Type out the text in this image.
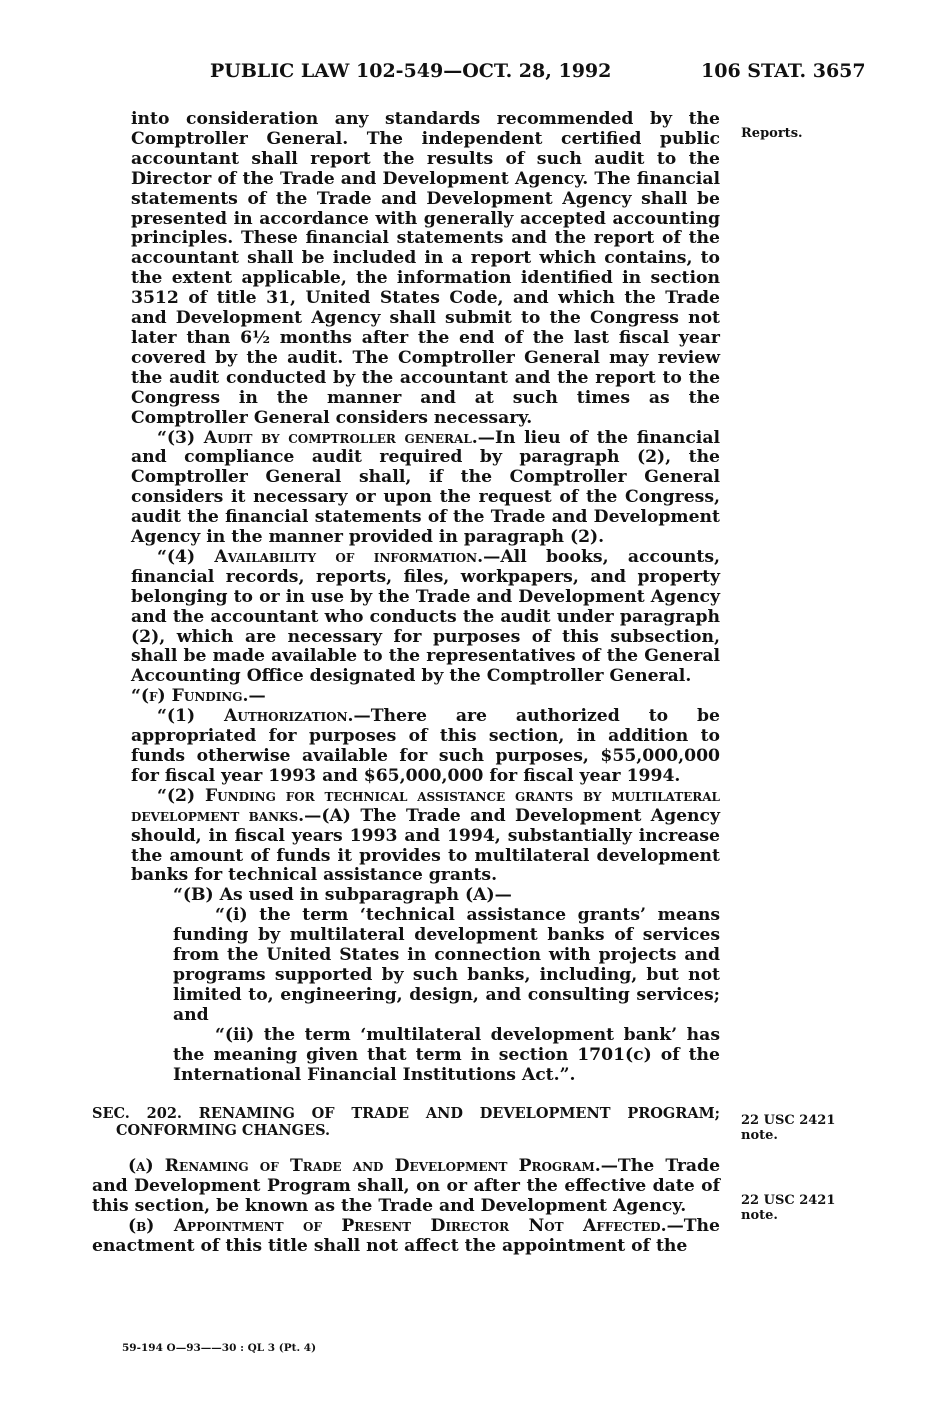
PUBLIC LAW 102-549—OCT. 28, 1992	106 STAT. 3657
Reports.
22 USC 2421
note.
22 USC 2421
note.

into consideration any standards recommended by the Comptroller General. The independent certified public accountant shall report the results of such audit to the Director of the Trade and Development Agency. The financial statements of the Trade and Development Agency shall be presented in accordance with generally accepted accounting principles. These financial statements and the report of the accountant shall be included in a report which contains, to the extent applicable, the information identified in section 3512 of title 31, United States Code, and which the Trade and Development Agency shall submit to the Congress not later than 6½ months after the end of the last fiscal year covered by the audit. The Comptroller General may review the audit conducted by the accountant and the report to the Congress in the manner and at such times as the Comptroller General considers necessary.

“(3) Audit by comptroller general.—In lieu of the financial and compliance audit required by paragraph (2), the Comptroller General shall, if the Comptroller General considers it necessary or upon the request of the Congress, audit the financial statements of the Trade and Development Agency in the manner provided in paragraph (2).

“(4) Availability of information.—All books, accounts, financial records, reports, files, workpapers, and property belonging to or in use by the Trade and Development Agency and the accountant who conducts the audit under paragraph (2), which are necessary for purposes of this subsection, shall be made available to the representatives of the General Accounting Office designated by the Comptroller General.

“(f) Funding.—

“(1) Authorization.—There are authorized to be appropriated for purposes of this section, in addition to funds otherwise available for such purposes, $55,000,000 for fiscal year 1993 and $65,000,000 for fiscal year 1994.

“(2) Funding for technical assistance grants by multilateral development banks.—(A) The Trade and Development Agency should, in fiscal years 1993 and 1994, substantially increase the amount of funds it provides to multilateral development banks for technical assistance grants.

“(B) As used in subparagraph (A)—

“(i) the term ‘technical assistance grants’ means funding by multilateral development banks of services from the United States in connection with projects and programs supported by such banks, including, but not limited to, engineering, design, and consulting services; and

“(ii) the term ‘multilateral development bank’ has the meaning given that term in section 1701(c) of the International Financial Institutions Act.”.

SEC. 202. RENAMING OF TRADE AND DEVELOPMENT PROGRAM; CONFORMING CHANGES.

(a) Renaming of Trade and Development Program.—The Trade and Development Program shall, on or after the effective date of this section, be known as the Trade and Development Agency.

(b) Appointment of Present Director Not Affected.—The enactment of this title shall not affect the appointment of the

59-194 O—93——30 : QL 3 (Pt. 4)
